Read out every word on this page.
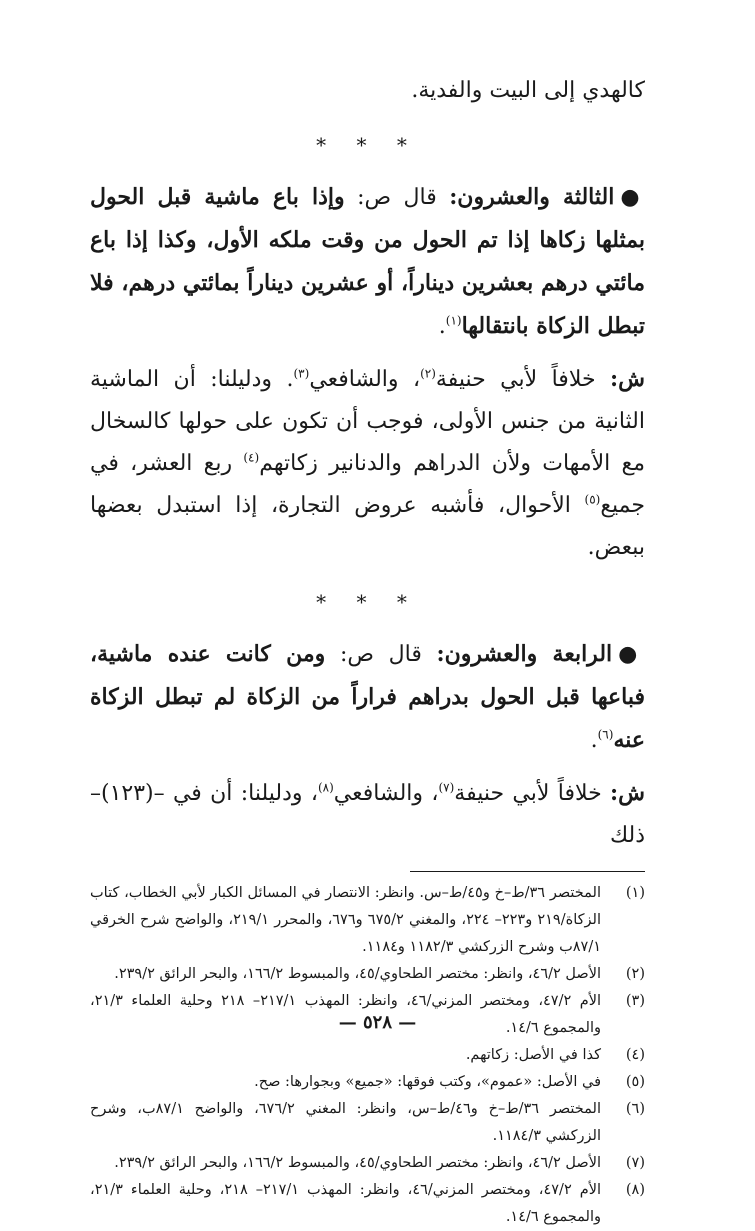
كالهدي إلى البيت والفدية.

* * *

●الثالثة والعشرون: قال ص: وإذا باع ماشية قبل الحول بمثلها زكاها إذا تم الحول من وقت ملكه الأول، وكذا إذا باع مائتي درهم بعشرين ديناراً، أو عشرين ديناراً بمائتي درهم، فلا تبطل الزكاة بانتقالها$^{(١)}$.

ش: خلافاً لأبي حنيفة$^{(٢)}$، والشافعي$^{(٣)}$. ودليلنا: أن الماشية الثانية من جنس الأولى، فوجب أن تكون على حولها كالسخال مع الأمهات ولأن الدراهم والدنانير زكاتهم$^{(٤)}$ ربع العشر، في جميع$^{(٥)}$ الأحوال، فأشبه عروض التجارة، إذا استبدل بعضها ببعض.

* * *

●الرابعة والعشرون: قال ص: ومن كانت عنده ماشية، فباعها قبل الحول بدراهم فراراً من الزكاة لم تبطل الزكاة عنه$^{(٦)}$.

ش: خلافاً لأبي حنيفة$^{(٧)}$، والشافعي$^{(٨)}$، ودليلنا: أن في –(١٢٣)– ذلك

(١)
المختصر ٣٦/ط–خ و٤٥/ط–س. وانظر: الانتصار في المسائل الكبار لأبي الخطاب، كتاب الزكاة/٢١٩ و٢٢٣– ٢٢٤، والمغني ٦٧٥/٢ و٦٧٦، والمحرر ٢١٩/١، والواضح شرح الخرقي ٨٧/١ب وشرح الزركشي ١١٨٢/٣ و١١٨٤.
(٢)
الأصل ٤٦/٢، وانظر: مختصر الطحاوي/٤٥، والمبسوط ١٦٦/٢، والبحر الرائق ٢٣٩/٢.
(٣)
الأم ٤٧/٢، ومختصر المزني/٤٦، وانظر: المهذب ٢١٧/١– ٢١٨ وحلية العلماء ٢١/٣، والمجموع ١٤/٦.
(٤)
كذا في الأصل: زكاتهم.
(٥)
في الأصل: «عموم»، وكتب فوقها: «جميع» وبجوارها: صح.
(٦)
المختصر ٣٦/ط–خ و٤٦/ط–س، وانظر: المغني ٦٧٦/٢، والواضح ٨٧/١ب، وشرح الزركشي ١١٨٤/٣.
(٧)
الأصل ٤٦/٢، وانظر: مختصر الطحاوي/٤٥، والمبسوط ١٦٦/٢، والبحر الرائق ٢٣٩/٢.
(٨)
الأم ٤٧/٢، ومختصر المزني/٤٦، وانظر: المهذب ٢١٧/١– ٢١٨، وحلية العلماء ٢١/٣، والمجموع ١٤/٦.
— ٥٢٨ —
